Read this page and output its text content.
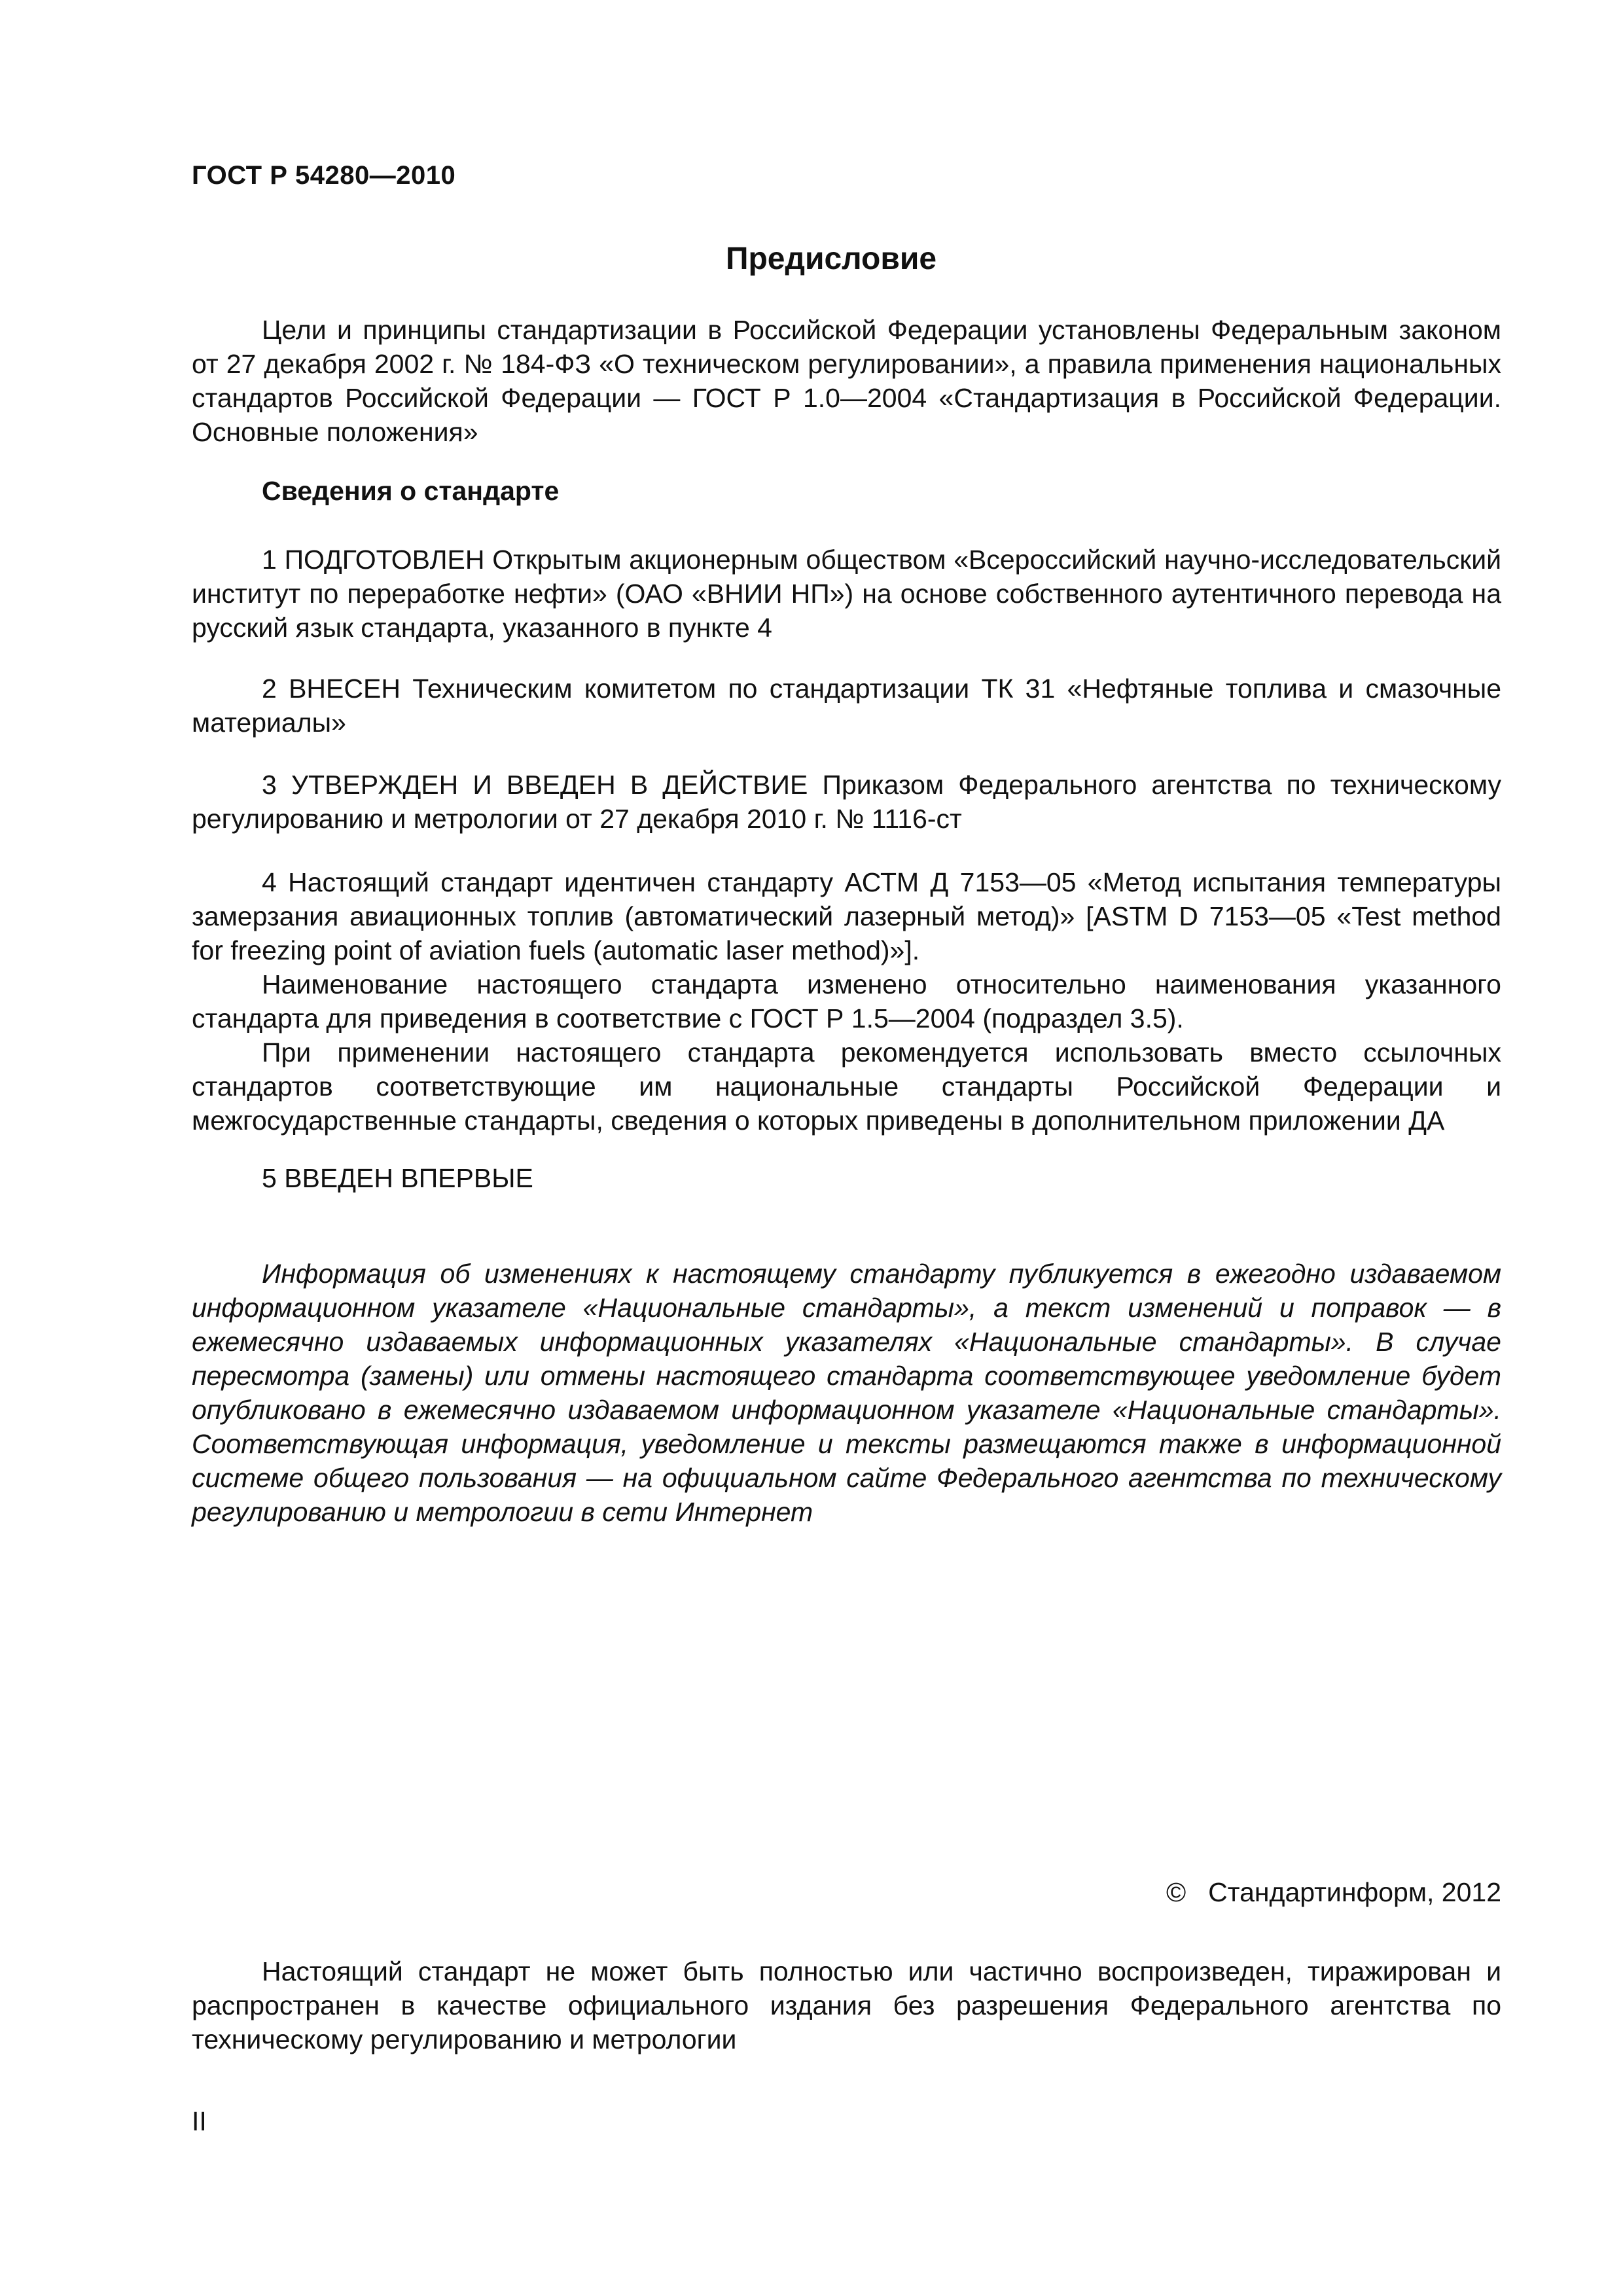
ГОСТ Р 54280—2010
Предисловие

Цели и принципы стандартизации в Российской Федерации установлены Федеральным законом от 27 декабря 2002 г. № 184-ФЗ «О техническом регулировании», а правила применения национальных стандартов Российской Федерации — ГОСТ Р 1.0—2004 «Стандартизация в Российской Федерации. Основные положения»

Сведения о стандарте

1 ПОДГОТОВЛЕН Открытым акционерным обществом «Всероссийский научно-исследовательский институт по переработке нефти» (ОАО «ВНИИ НП») на основе собственного аутентичного перевода на русский язык стандарта, указанного в пункте 4

2 ВНЕСЕН Техническим комитетом по стандартизации ТК 31 «Нефтяные топлива и смазочные материалы»

3 УТВЕРЖДЕН И ВВЕДЕН В ДЕЙСТВИЕ Приказом Федерального агентства по техническому регулированию и метрологии от 27 декабря 2010 г. № 1116-ст

4 Настоящий стандарт идентичен стандарту АСТМ Д 7153—05 «Метод испытания температуры замерзания авиационных топлив (автоматический лазерный метод)» [ASTM D 7153—05 «Test method for freezing point of aviation fuels (automatic laser method)»].

Наименование настоящего стандарта изменено относительно наименования указанного стандарта для приведения в соответствие с ГОСТ Р 1.5—2004 (подраздел 3.5).

При применении настоящего стандарта рекомендуется использовать вместо ссылочных стандартов соответствующие им национальные стандарты Российской Федерации и межгосударственные стандарты, сведения о которых приведены в дополнительном приложении ДА

5 ВВЕДЕН ВПЕРВЫЕ

Информация об изменениях к настоящему стандарту публикуется в ежегодно издаваемом информационном указателе «Национальные стандарты», а текст изменений и поправок — в ежемесячно издаваемых информационных указателях «Национальные стандарты». В случае пересмотра (замены) или отмены настоящего стандарта соответствующее уведомление будет опубликовано в ежемесячно издаваемом информационном указателе «Национальные стандарты». Соответствующая информация, уведомление и тексты размещаются также в информационной системе общего пользования — на официальном сайте Федерального агентства по техническому регулированию и метрологии в сети Интернет

© Стандартинформ, 2012

Настоящий стандарт не может быть полностью или частично воспроизведен, тиражирован и распространен в качестве официального издания без разрешения Федерального агентства по техническому регулированию и метрологии

II
